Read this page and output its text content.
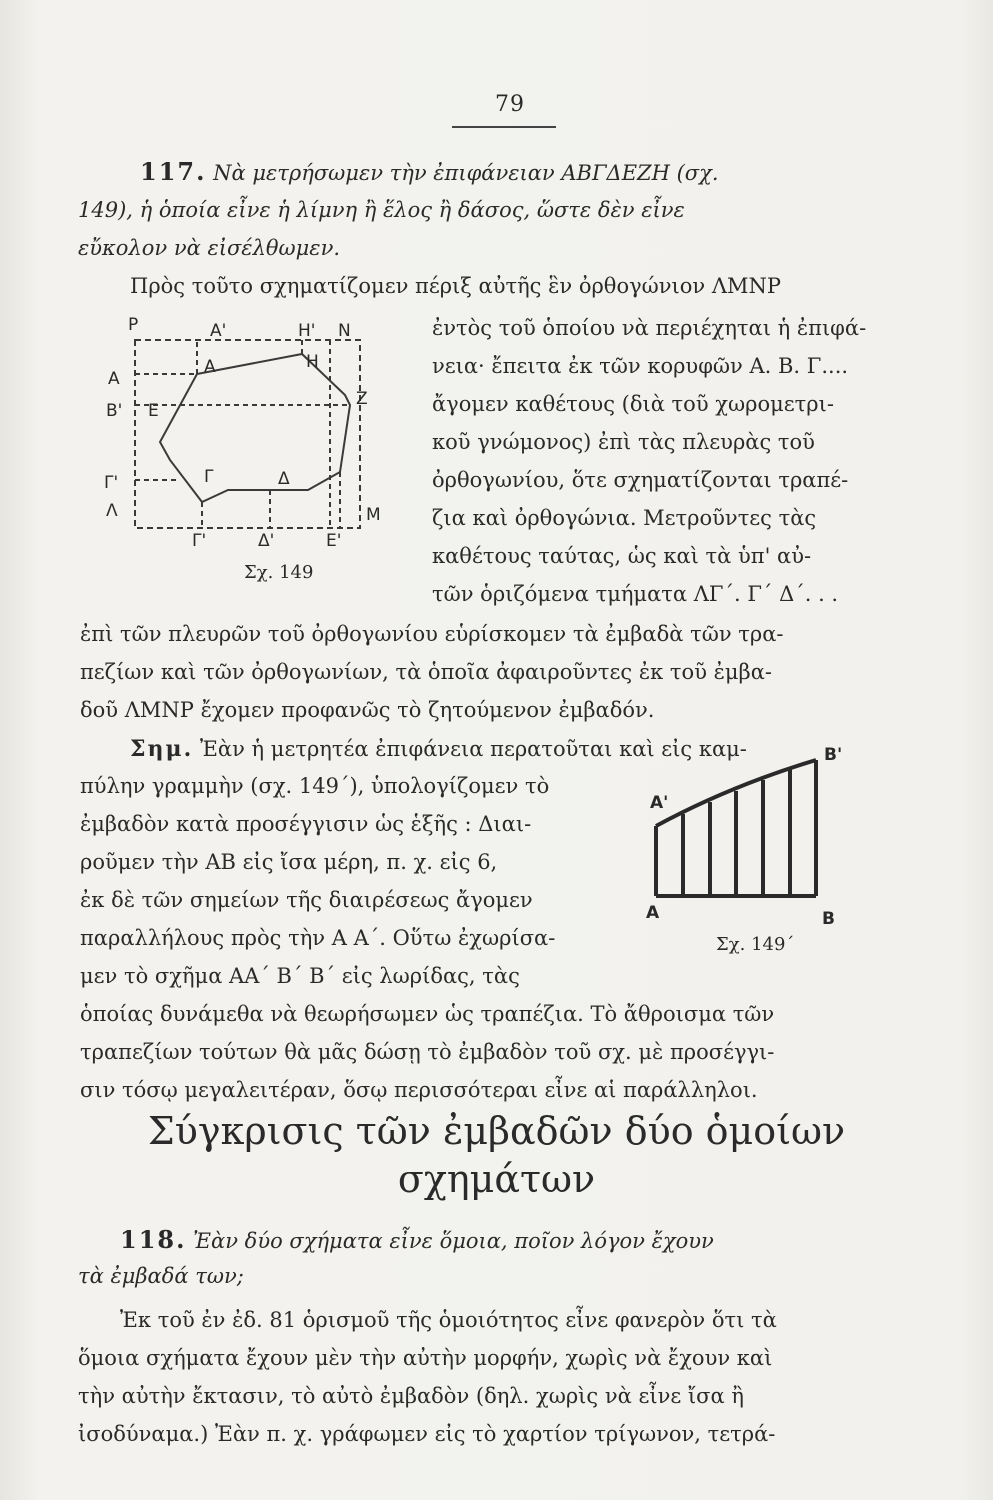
79
117. Νὰ μετρήσωμεν τὴν ἐπιφάνειαν ΑΒΓΔΕΖΗ (σχ.
149), ἡ ὁποία εἶνε ἡ λίμνη ἢ ἕλος ἢ δάσος, ὥστε δὲν εἶνε
εὔκολον νὰ εἰσέλθωμεν.
Πρὸς τοῦτο σχηματίζομεν πέριξ αὐτῆς ἓν ὀρθογώνιον ΛΜΝΡ
ἐντὸς τοῦ ὁποίου νὰ περιέχηται ἡ ἐπιφά-
νεια· ἔπειτα ἐκ τῶν κορυφῶν Α. Β. Γ....
ἄγομεν καθέτους (διὰ τοῦ χωρομετρι-
κοῦ γνώμονος) ἐπὶ τὰς πλευρὰς τοῦ
ὀρθογωνίου, ὅτε σχηματίζονται τραπέ-
ζια καὶ ὀρθογώνια. Μετροῦντες τὰς
καθέτους ταύτας, ὡς καὶ τὰ ὑπ' αὐ-
τῶν ὁριζόμενα τμήματα ΛΓ΄. Γ΄ Δ΄. . .
ἐπὶ τῶν πλευρῶν τοῦ ὀρθογωνίου εὑρίσκομεν τὰ ἐμβαδὰ τῶν τρα-
πεζίων καὶ τῶν ὀρθογωνίων, τὰ ὁποῖα ἀφαιροῦντες ἐκ τοῦ ἐμβα-
δοῦ ΛΜΝΡ ἔχομεν προφανῶς τὸ ζητούμενον ἐμβαδόν.
P	A'	H' N
A
A	H
Z
B' E
Γ	Δ
Γ'
Λ
Γ'	Δ'	E'
M
Σχ. 149
Σημ. Ἐὰν ἡ μετρητέα ἐπιφάνεια περατοῦται καὶ εἰς καμ-
πύλην γραμμὴν (σχ. 149΄), ὑπολογίζομεν τὸ
ἐμβαδὸν κατὰ προσέγγισιν ὡς ἑξῆς : Διαι-
ροῦμεν τὴν ΑΒ εἰς ἴσα μέρη, π. χ. εἰς 6,
ἐκ δὲ τῶν σημείων τῆς διαιρέσεως ἄγομεν
παραλλήλους πρὸς τὴν Α Α΄. Οὕτω ἐχωρίσα-
μεν τὸ σχῆμα ΑΑ΄ Β΄ Β΄ εἰς λωρίδας, τὰς
ὁποίας δυνάμεθα νὰ θεωρήσωμεν ὡς τραπέζια. Τὸ ἄθροισμα τῶν
τραπεζίων τούτων θὰ μᾶς δώσῃ τὸ ἐμβαδὸν τοῦ σχ. μὲ προσέγγι-
σιν τόσῳ μεγαλειτέραν, ὅσῳ περισσότεραι εἶνε αἱ παράλληλοι.
B'
A'
A	B
Σχ. 149΄
Σύγκρισις τῶν ἐμβαδῶν δύο ὁμοίων
σχημάτων
118. Ἐὰν δύο σχήματα εἶνε ὅμοια, ποῖον λόγον ἔχουν
τὰ ἐμβαδά των;
Ἐκ τοῦ ἐν ἐδ. 81 ὁρισμοῦ τῆς ὁμοιότητος εἶνε φανερὸν ὅτι τὰ
ὅμοια σχήματα ἔχουν μὲν τὴν αὐτὴν μορφήν, χωρὶς νὰ ἔχουν καὶ
τὴν αὐτὴν ἔκτασιν, τὸ αὐτὸ ἐμβαδὸν (δηλ. χωρὶς νὰ εἶνε ἴσα ἢ
ἰσοδύναμα.) Ἐὰν π. χ. γράφωμεν εἰς τὸ χαρτίον τρίγωνον, τετρά-
